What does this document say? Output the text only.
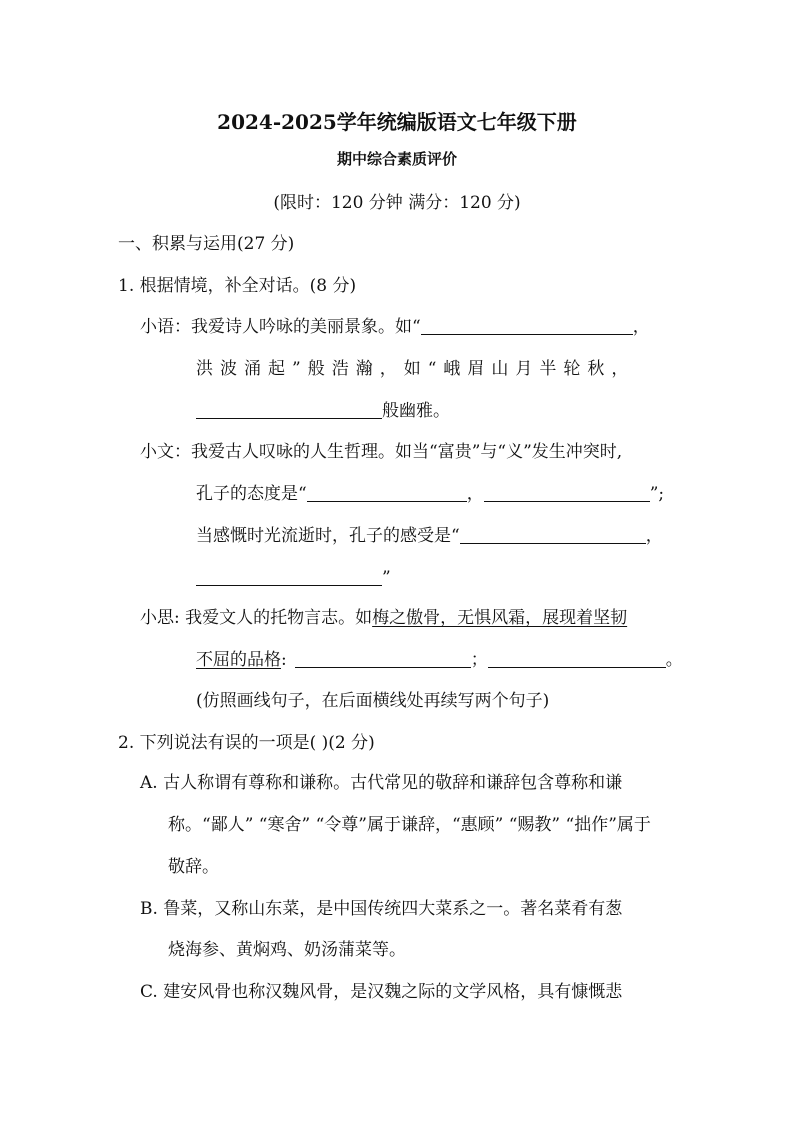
2024-2025学年统编版语文七年级下册
期中综合素质评价
(限时：120 分钟 满分：120 分)
一、积累与运用(27 分)
1. 根据情境，补全对话。(8 分)
小语：我爱诗人吟咏的美丽景象。如“	，
洪波涌起”般浩瀚，如“峨眉山月半轮秋，
般幽雅。
小文：我爱古人叹咏的人生哲理。如当“富贵”与“义”发生冲突时,
孔子的态度是“	，	”;
当感慨时光流逝时，孔子的感受是“	，
”
小思: 我爱文人的托物言志。如梅之傲骨，无惧风霜，展现着坚韧
不屈的品格:	；	。
(仿照画线句子，在后面横线处再续写两个句子)
2. 下列说法有误的一项是( )(2 分)
A. 古人称谓有尊称和谦称。古代常见的敬辞和谦辞包含尊称和谦
称。“鄙人” “寒舍” “令尊”属于谦辞，“惠顾” “赐教” “拙作”属于
敬辞。
B. 鲁菜，又称山东菜，是中国传统四大菜系之一。著名菜肴有葱
烧海参、黄焖鸡、奶汤蒲菜等。
C. 建安风骨也称汉魏风骨，是汉魏之际的文学风格，具有慷慨悲
